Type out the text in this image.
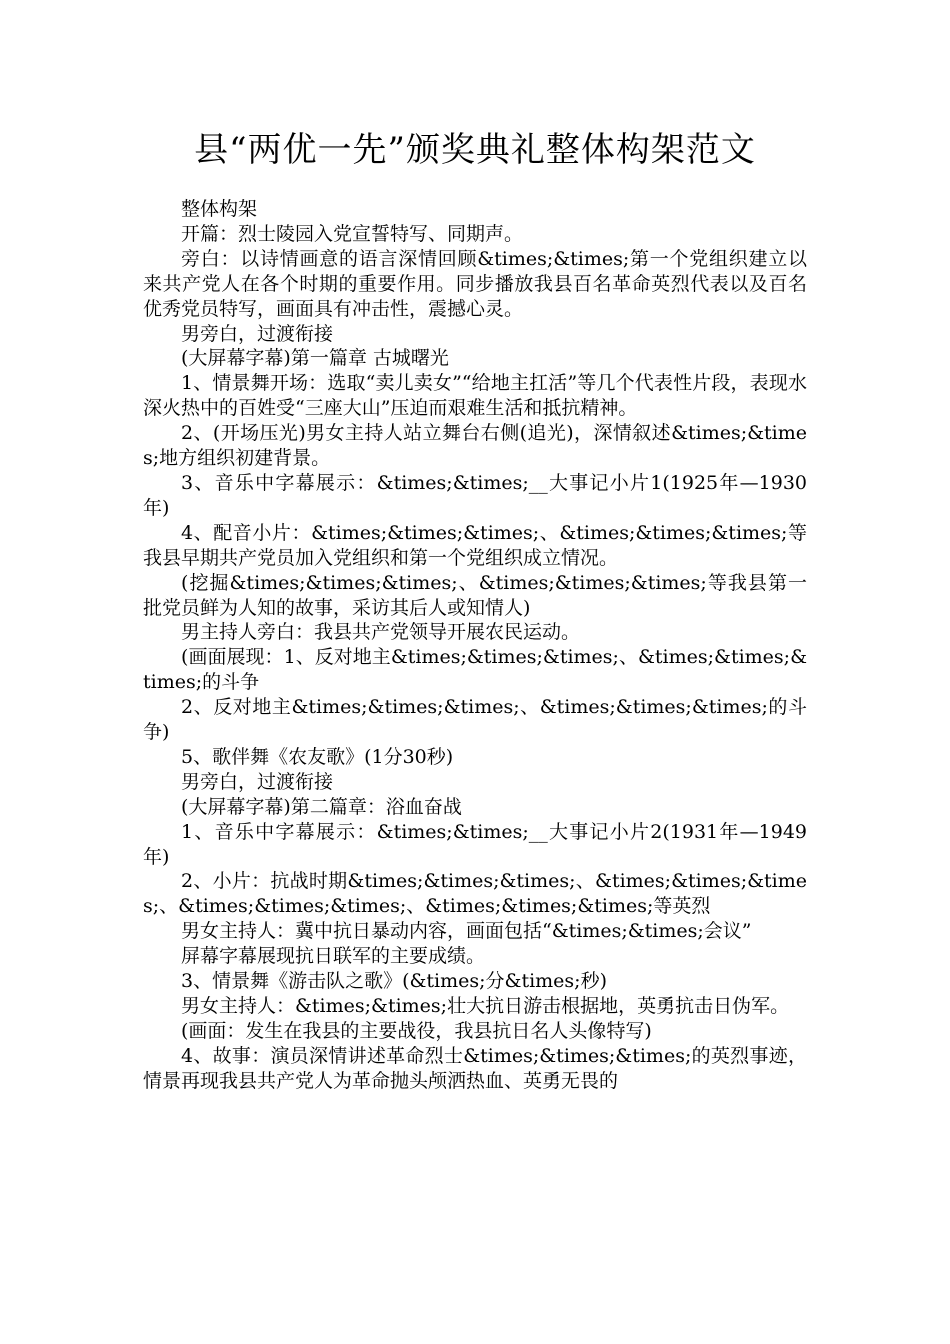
县“两优一先”颁奖典礼整体构架范文

整体构架

开篇：烈士陵园入党宣誓特写、同期声。

旁白：以诗情画意的语言深情回顾&times;&times;第一个党组织建立以来共产党人在各个时期的重要作用。同步播放我县百名革命英烈代表以及百名优秀党员特写，画面具有冲击性，震撼心灵。

男旁白，过渡衔接

(大屏幕字幕)第一篇章 古城曙光

1、情景舞开场：选取“卖儿卖女”“给地主扛活”等几个代表性片段，表现水深火热中的百姓受“三座大山”压迫而艰难生活和抵抗精神。

2、(开场压光)男女主持人站立舞台右侧(追光)，深情叙述&times;&times;地方组织初建背景。

3、音乐中字幕展示：&times;&times;__大事记小片1(1925年—1930年)

4、配音小片：&times;&times;&times;、&times;&times;&times;等我县早期共产党员加入党组织和第一个党组织成立情况。

(挖掘&times;&times;&times;、&times;&times;&times;等我县第一批党员鲜为人知的故事，采访其后人或知情人)

男主持人旁白：我县共产党领导开展农民运动。

(画面展现：1、反对地主&times;&times;&times;、&times;&times;&times;的斗争

2、反对地主&times;&times;&times;、&times;&times;&times;的斗争)

5、歌伴舞《农友歌》(1分30秒)

男旁白，过渡衔接

(大屏幕字幕)第二篇章：浴血奋战

1、音乐中字幕展示：&times;&times;__大事记小片2(1931年—1949年)

2、小片：抗战时期&times;&times;&times;、&times;&times;&times;、&times;&times;&times;、&times;&times;&times;等英烈

男女主持人：冀中抗日暴动内容，画面包括“&times;&times;会议”

屏幕字幕展现抗日联军的主要成绩。

3、情景舞《游击队之歌》(&times;分&times;秒)

男女主持人：&times;&times;壮大抗日游击根据地，英勇抗击日伪军。

(画面：发生在我县的主要战役，我县抗日名人头像特写)

4、故事：演员深情讲述革命烈士&times;&times;&times;的英烈事迹，情景再现我县共产党人为革命抛头颅洒热血、英勇无畏的
